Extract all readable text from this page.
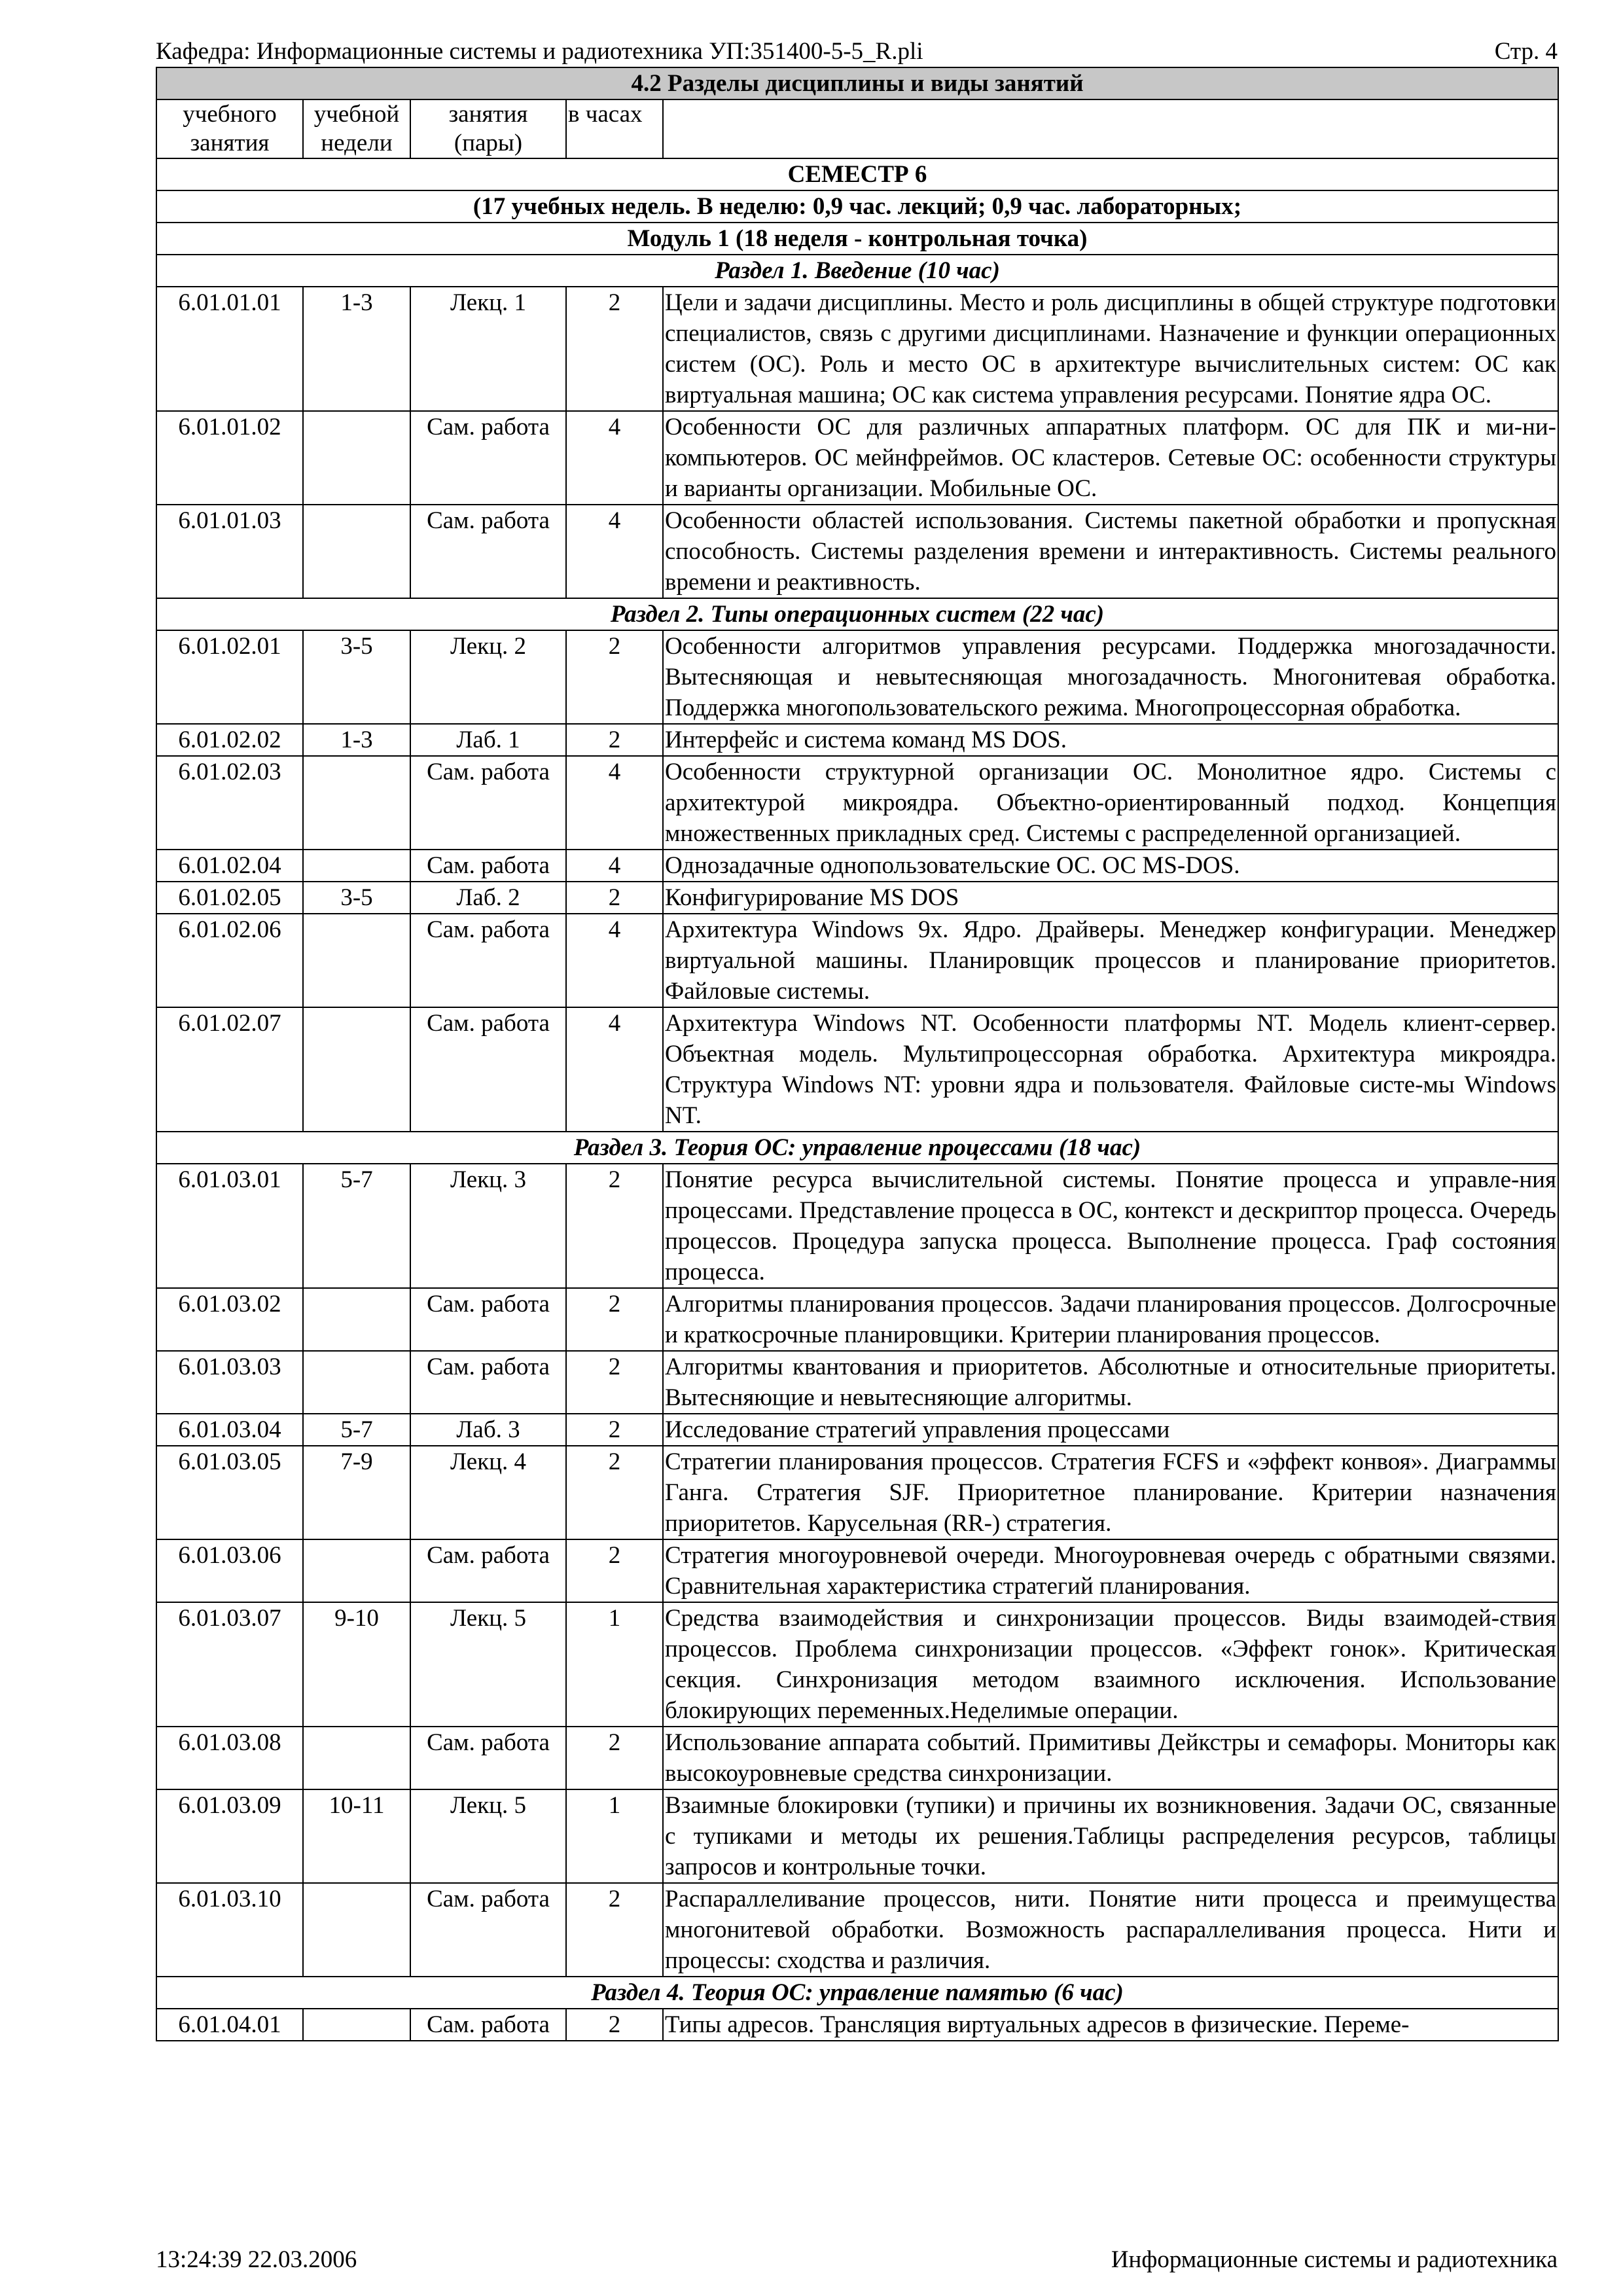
Кафедра: Информационные системы и радиотехника УП:351400-5-5_R.pli	Стр. 4
4.2 Разделы дисциплины и виды занятий				
учебного занятия	учебной недели	занятия (пары)	в часах	
СЕМЕСТР 6				
(17 учебных недель. В неделю: 0,9 час. лекций; 0,9 час. лабораторных;				
Модуль 1 (18 неделя - контрольная точка)				
Раздел 1. Введение (10 час)				
6.01.01.01	1-3	Лекц. 1	2	Цели и задачи дисциплины. Место и роль дисциплины в общей структуре подготовки специалистов, связь с другими дисциплинами. Назначение и функции операционных систем (ОС). Роль и место ОС в архитектуре вычислительных систем: ОС как виртуальная машина; ОС как система управления ресурсами. Понятие ядра ОС.
6.01.01.02		Сам. работа	4	Особенности ОС для различных аппаратных платформ. ОС для ПК и ми-ни-компьютеров. ОС мейнфреймов. ОС кластеров. Сетевые ОС: особенности структуры и варианты организации. Мобильные ОС.
6.01.01.03		Сам. работа	4	Особенности областей использования. Системы пакетной обработки и пропускная способность. Системы разделения времени и интерактивность. Системы реального времени и реактивность.
Раздел 2. Типы операционных систем (22 час)				
6.01.02.01	3-5	Лекц. 2	2	Особенности алгоритмов управления ресурсами. Поддержка многозадачности. Вытесняющая и невытесняющая многозадачность. Многонитевая обработка. Поддержка многопользовательского режима. Многопроцессорная обработка.
6.01.02.02	1-3	Лаб. 1	2	Интерфейс и система команд MS DOS.
6.01.02.03		Сам. работа	4	Особенности структурной организации ОС. Монолитное ядро. Системы с архитектурой микроядра. Объектно-ориентированный подход. Концепция множественных прикладных сред. Системы с распределенной организацией.
6.01.02.04		Сам. работа	4	Однозадачные однопользовательские ОС. ОС MS-DOS.
6.01.02.05	3-5	Лаб. 2	2	Конфигурирование MS DOS
6.01.02.06		Сам. работа	4	Архитектура Windows 9x. Ядро. Драйверы. Менеджер конфигурации. Менеджер виртуальной машины. Планировщик процессов и планирование приоритетов. Файловые системы.
6.01.02.07		Сам. работа	4	Архитектура Windows NT. Особенности платформы NT. Модель клиент-сервер. Объектная модель. Мультипроцессорная обработка. Архитектура микроядра. Структура Windows NT: уровни ядра и пользователя. Файловые систе-мы Windows NT.
Раздел 3. Теория ОС: управление процессами (18 час)				
6.01.03.01	5-7	Лекц. 3	2	Понятие ресурса вычислительной системы. Понятие процесса и управле-ния процессами. Представление процесса в ОС, контекст и дескриптор процесса. Очередь процессов. Процедура запуска процесса. Выполнение процесса. Граф состояния процесса.
6.01.03.02		Сам. работа	2	Алгоритмы планирования процессов. Задачи планирования процессов. Долгосрочные и краткосрочные планировщики. Критерии планирования процессов.
6.01.03.03		Сам. работа	2	Алгоритмы квантования и приоритетов. Абсолютные и относительные приоритеты. Вытесняющие и невытесняющие алгоритмы.
6.01.03.04	5-7	Лаб. 3	2	Исследование стратегий управления процессами
6.01.03.05	7-9	Лекц. 4	2	Стратегии планирования процессов. Стратегия FCFS и «эффект конвоя». Диаграммы Ганга. Стратегия SJF. Приоритетное планирование. Критерии назначения приоритетов. Карусельная (RR-) стратегия.
6.01.03.06		Сам. работа	2	Стратегия многоуровневой очереди. Многоуровневая очередь с обратными связями. Сравнительная характеристика стратегий планирования.
6.01.03.07	9-10	Лекц. 5	1	Средства взаимодействия и синхронизации процессов. Виды взаимодей-ствия процессов. Проблема синхронизации процессов. «Эффект гонок». Критическая секция. Синхронизация методом взаимного исключения. Использование блокирующих переменных.Неделимые операции.
6.01.03.08		Сам. работа	2	Использование аппарата событий. Примитивы Дейкстры и семафоры. Мониторы как высокоуровневые средства синхронизации.
6.01.03.09	10-11	Лекц. 5	1	Взаимные блокировки (тупики) и причины их возникновения. Задачи ОС, связанные с тупиками и методы их решения.Таблицы распределения ресурсов, таблицы запросов и контрольные точки.
6.01.03.10		Сам. работа	2	Распараллеливание процессов, нити. Понятие нити процесса и преимущества многонитевой обработки. Возможность распараллеливания процесса. Нити и процессы: сходства и различия.
Раздел 4. Теория ОС: управление памятью (6 час)				
6.01.04.01		Сам. работа	2	Типы адресов. Трансляция виртуальных адресов в физические. Переме-
13:24:39 22.03.2006	Информационные системы и радиотехника
